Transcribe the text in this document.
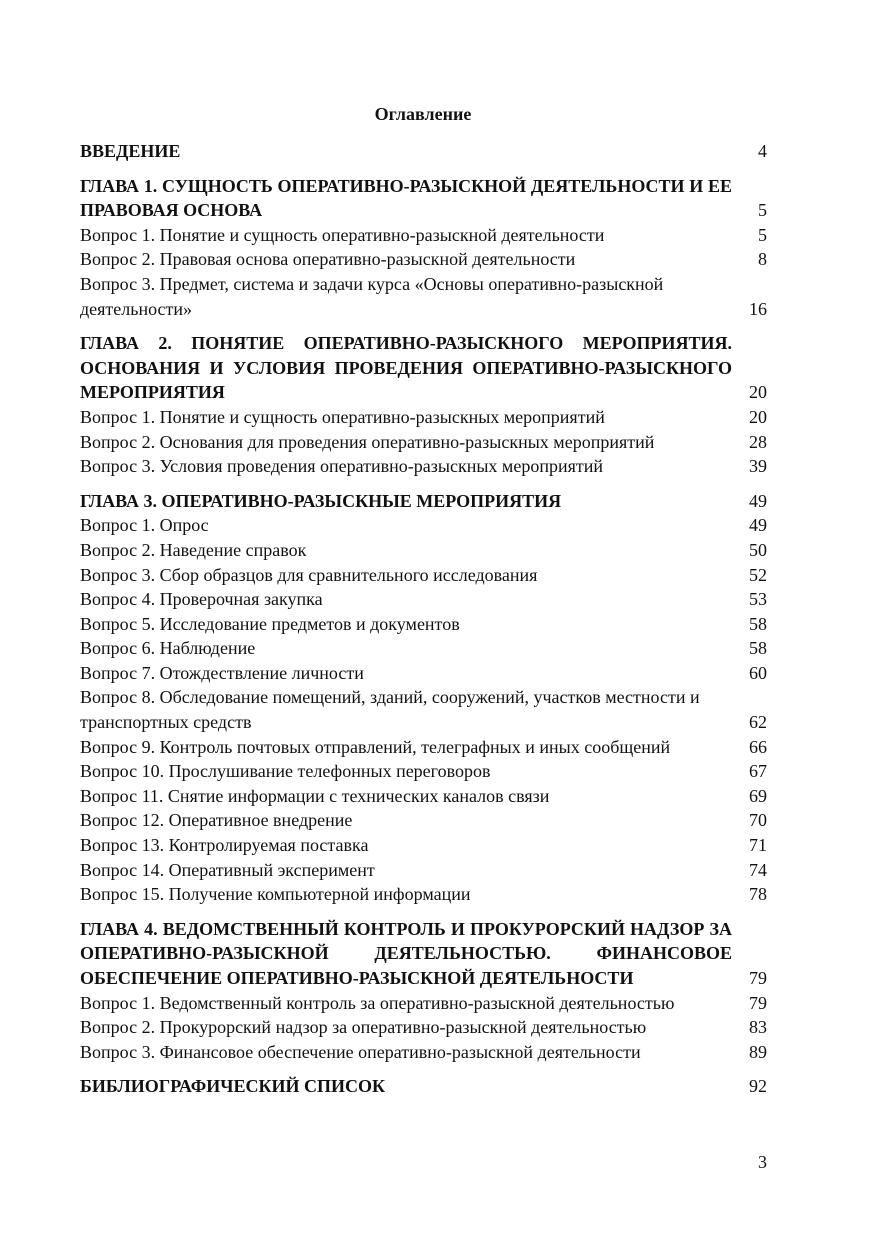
Оглавление
ВВЕДЕНИЕ	4
ГЛАВА 1. СУЩНОСТЬ ОПЕРАТИВНО-РАЗЫСКНОЙ ДЕЯТЕЛЬНОСТИ И ЕЕ ПРАВОВАЯ ОСНОВА	5
Вопрос 1. Понятие и сущность оперативно-разыскной деятельности	5
Вопрос 2. Правовая основа оперативно-разыскной деятельности	8
Вопрос 3. Предмет, система и задачи курса «Основы оперативно-разыскной деятельности»	16
ГЛАВА 2. ПОНЯТИЕ ОПЕРАТИВНО-РАЗЫСКНОГО МЕРОПРИЯТИЯ. ОСНОВАНИЯ И УСЛОВИЯ ПРОВЕДЕНИЯ ОПЕРАТИВНО-РАЗЫСКНОГО МЕРОПРИЯТИЯ	20
Вопрос 1. Понятие и сущность оперативно-разыскных мероприятий	20
Вопрос 2. Основания для проведения оперативно-разыскных мероприятий	28
Вопрос 3. Условия проведения оперативно-разыскных мероприятий	39
ГЛАВА 3. ОПЕРАТИВНО-РАЗЫСКНЫЕ МЕРОПРИЯТИЯ	49
Вопрос 1. Опрос	49
Вопрос 2. Наведение справок	50
Вопрос 3. Сбор образцов для сравнительного исследования	52
Вопрос 4. Проверочная закупка	53
Вопрос 5. Исследование предметов и документов	58
Вопрос 6. Наблюдение	58
Вопрос 7. Отождествление личности	60
Вопрос 8. Обследование помещений, зданий, сооружений, участков местности и транспортных средств	62
Вопрос 9. Контроль почтовых отправлений, телеграфных и иных сообщений	66
Вопрос 10. Прослушивание телефонных переговоров	67
Вопрос 11. Снятие информации с технических каналов связи	69
Вопрос 12. Оперативное внедрение	70
Вопрос 13. Контролируемая поставка	71
Вопрос 14. Оперативный эксперимент	74
Вопрос 15. Получение компьютерной информации	78
ГЛАВА 4. ВЕДОМСТВЕННЫЙ КОНТРОЛЬ И ПРОКУРОРСКИЙ НАДЗОР ЗА ОПЕРАТИВНО-РАЗЫСКНОЙ ДЕЯТЕЛЬНОСТЬЮ. ФИНАНСОВОЕ ОБЕСПЕЧЕНИЕ ОПЕРАТИВНО-РАЗЫСКНОЙ ДЕЯТЕЛЬНОСТИ	79
Вопрос 1. Ведомственный контроль за оперативно-разыскной деятельностью	79
Вопрос 2. Прокурорский надзор за оперативно-разыскной деятельностью	83
Вопрос 3. Финансовое обеспечение оперативно-разыскной деятельности	89
БИБЛИОГРАФИЧЕСКИЙ СПИСОК	92
3
